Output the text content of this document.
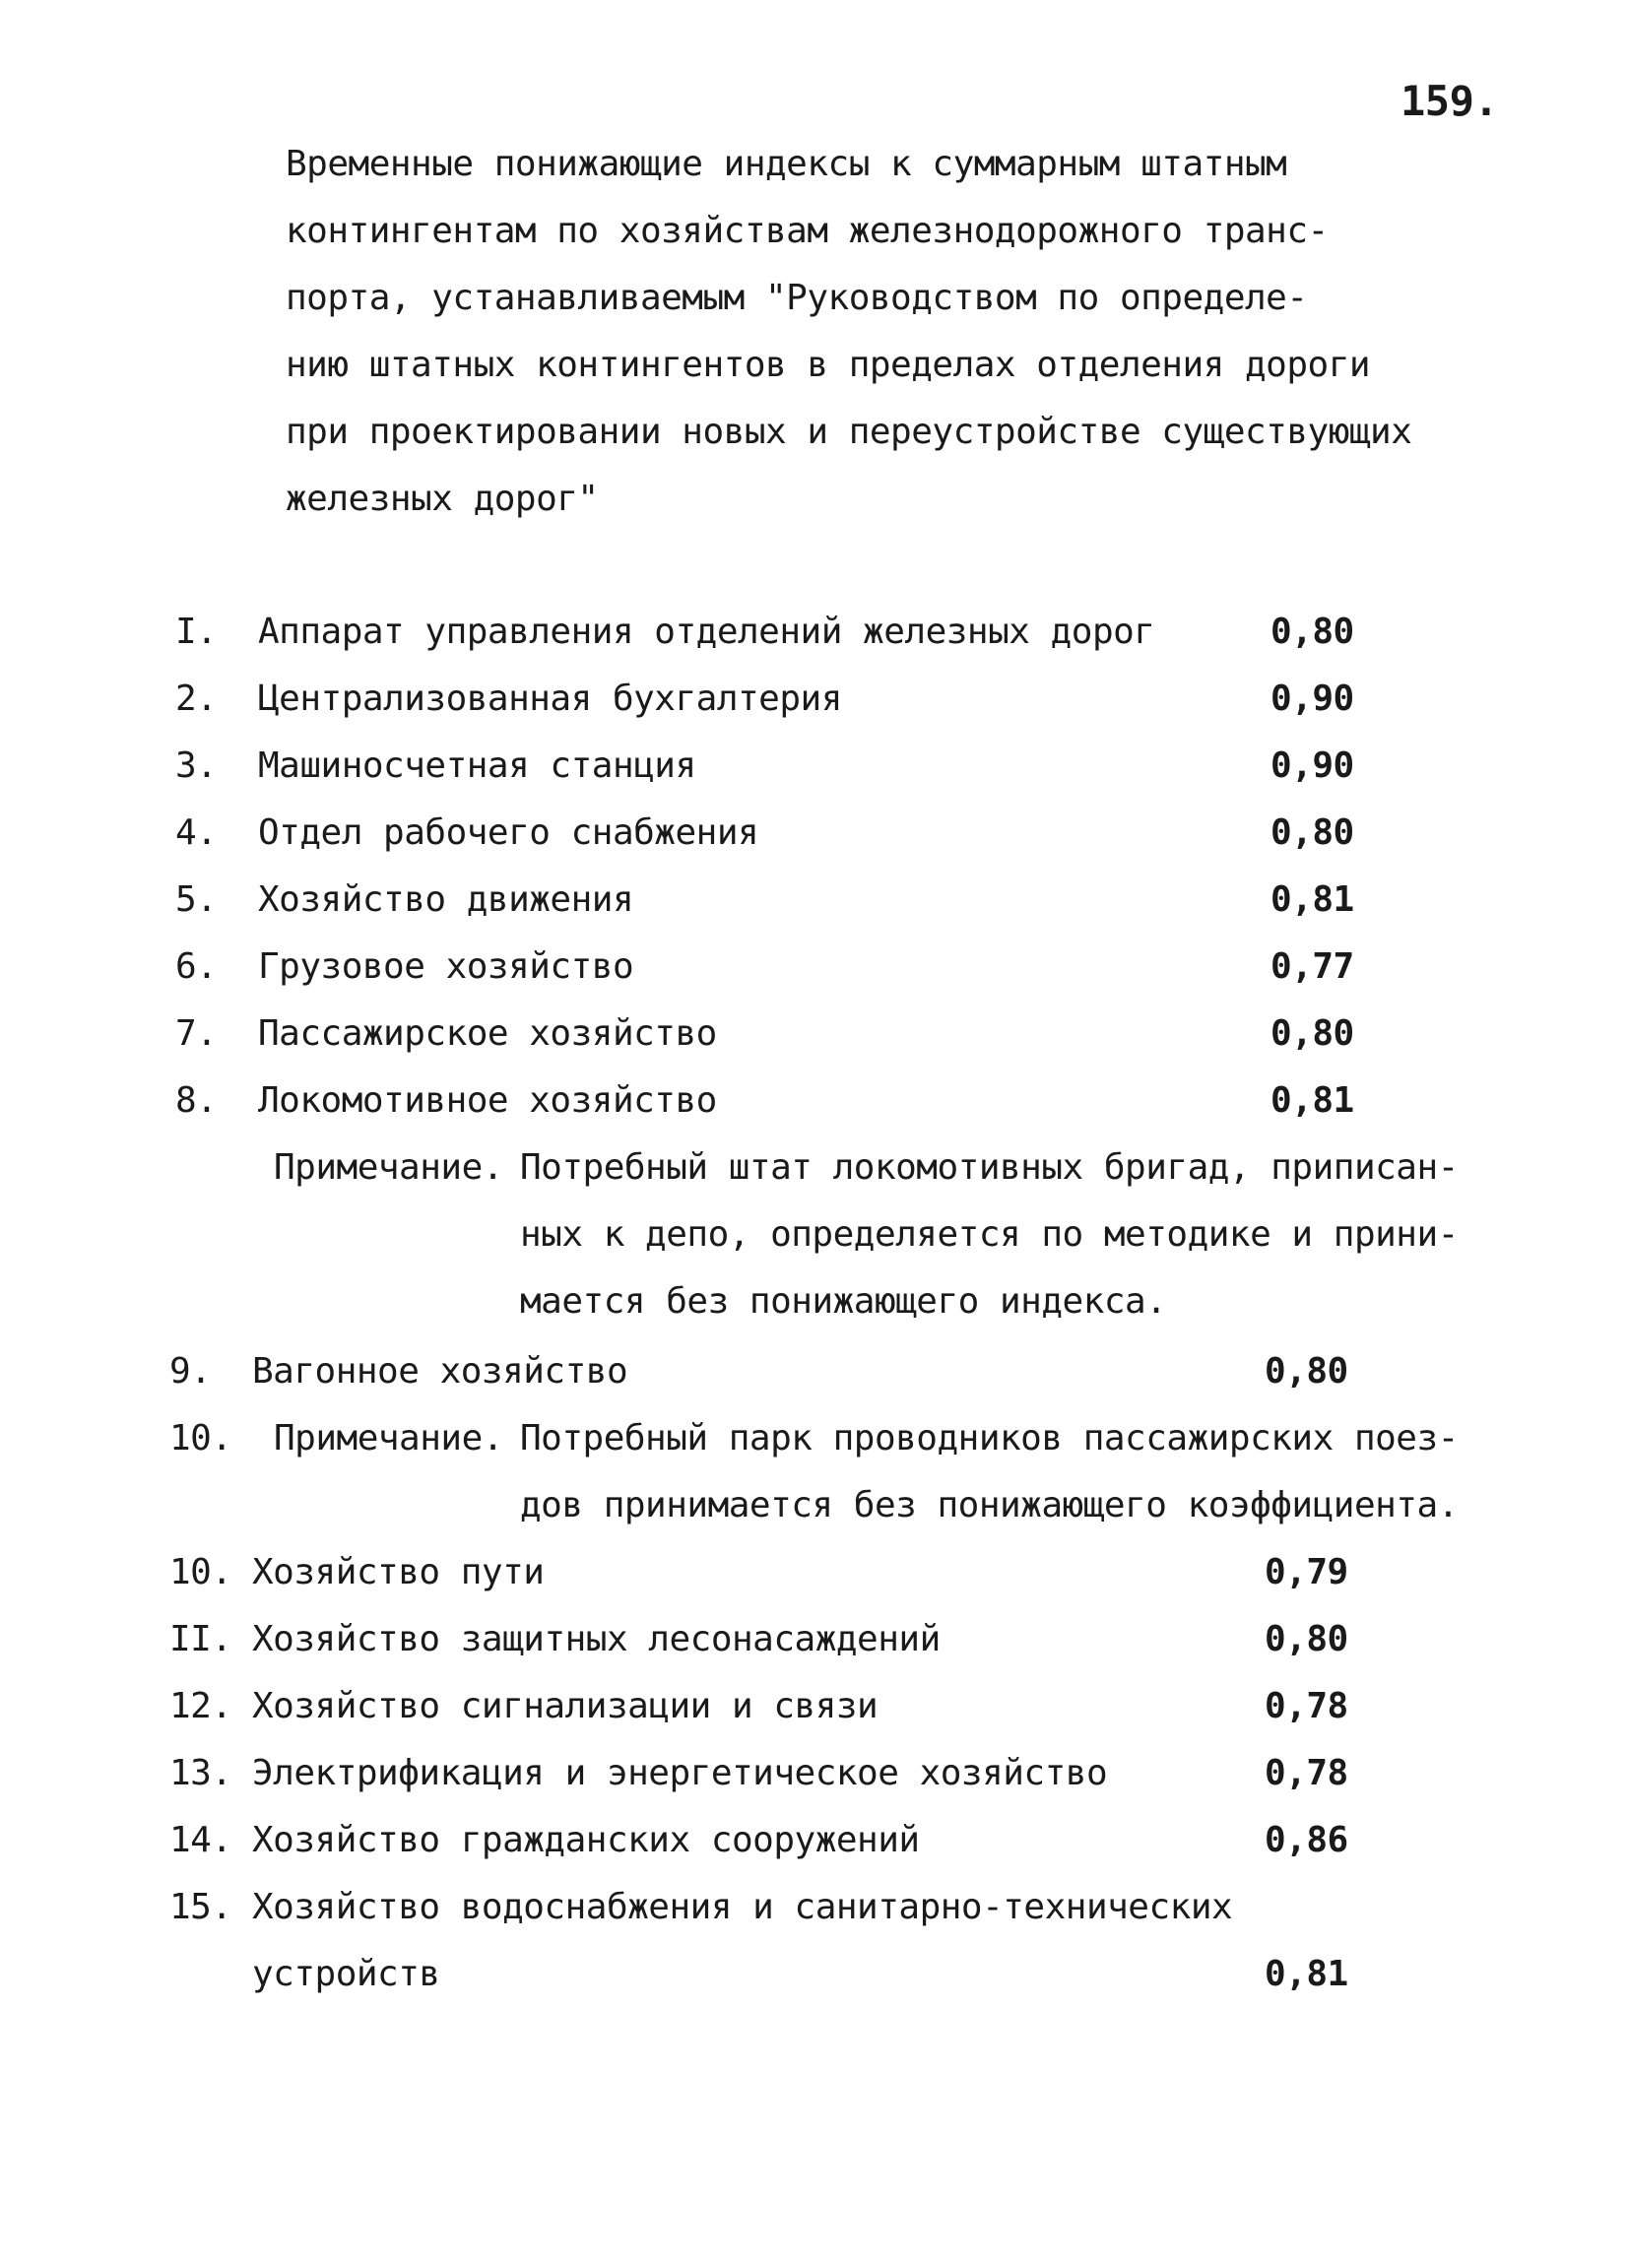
159.
Временные понижающие индексы к суммарным штатным
контингентам по хозяйствам железнодорожного транс-
порта, устанавливаемым "Руководством по определе-
нию штатных контингентов в пределах отделения дороги
при проектировании новых и переустройстве существующих
железных дорог"
I. Аппарат управления отделений железных дорог	0,80
2. Централизованная бухгалтерия	0,90
3. Машиносчетная станция	0,90
4. Отдел рабочего снабжения	0,80
5. Хозяйство движения	0,81
6. Грузовое хозяйство	0,77
7. Пассажирское хозяйство	0,80
8. Локомотивное хозяйство	0,81
Примечание. Потребный штат локомотивных бригад, приписан-
ных к депо, определяется по методике и прини-
мается без понижающего индекса.
9. Вагонное хозяйство	0,80
10. Примечание. Потребный парк проводников пассажирских поез-
дов принимается без понижающего коэффициента.
10. Хозяйство пути	0,79
II. Хозяйство защитных лесонасаждений	0,80
12. Хозяйство сигнализации и связи	0,78
13. Электрификация и энергетическое хозяйство	0,78
14. Хозяйство гражданских сооружений	0,86
15. Хозяйство водоснабжения и санитарно-технических
устройств	0,81
